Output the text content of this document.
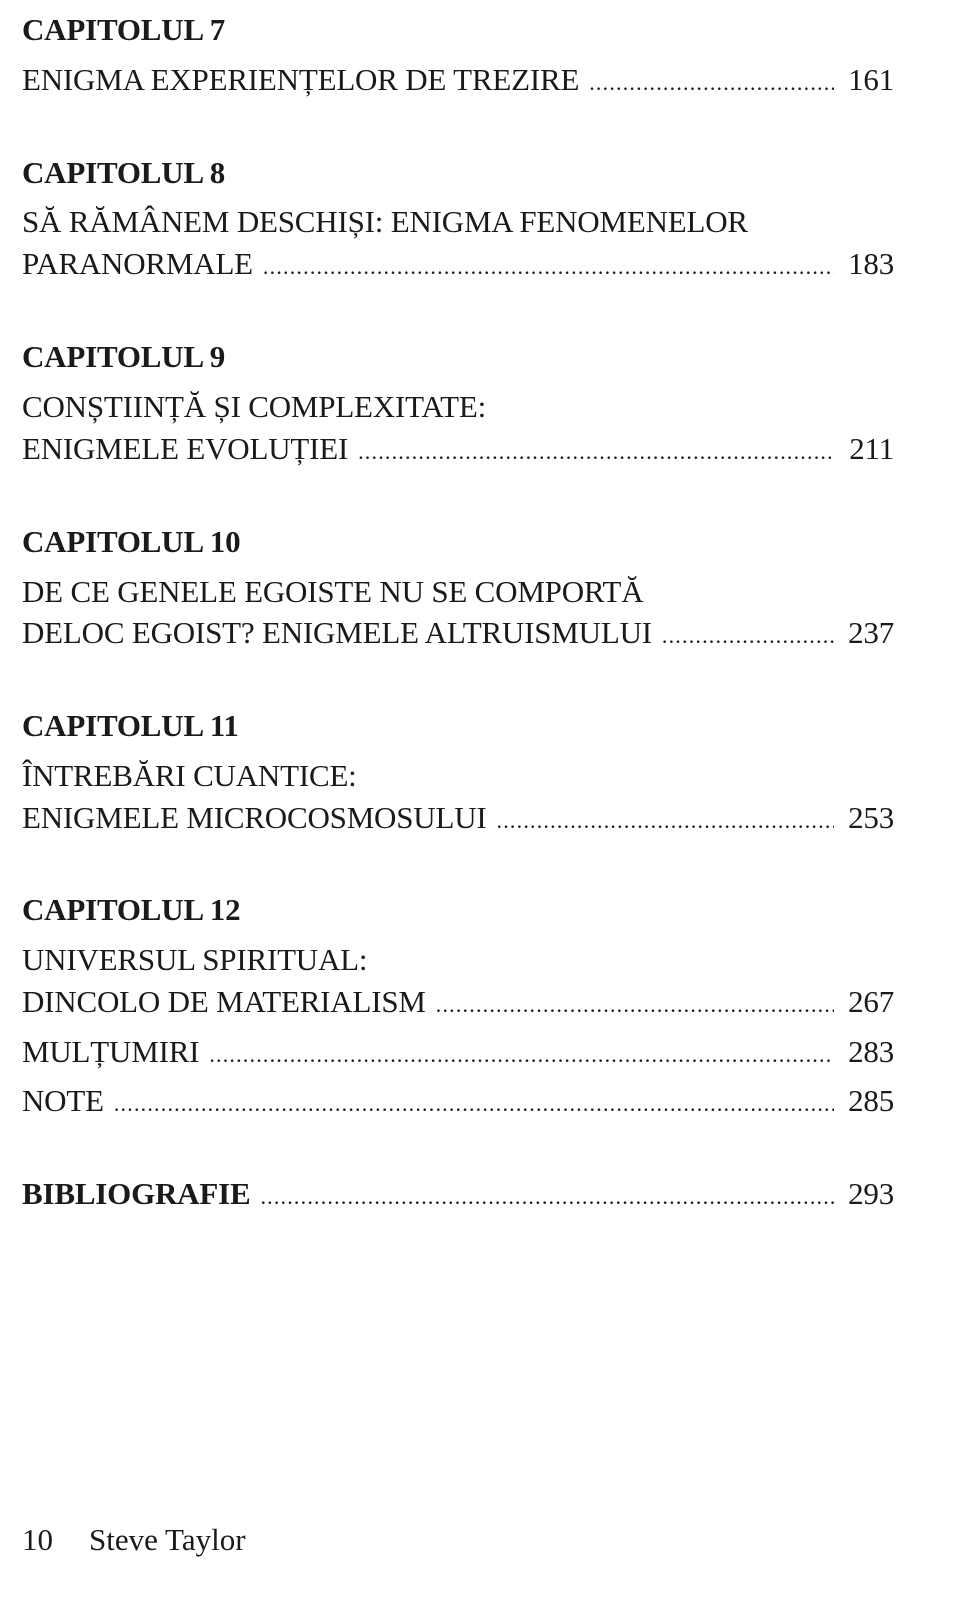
CAPITOLUL 7
ENIGMA EXPERIENȚELOR DE TREZIRE .....	161
CAPITOLUL 8
SĂ RĂMÂNEM DESCHIȘI: ENIGMA FENOMENELOR
PARANORMALE .....	183
CAPITOLUL 9
CONȘTIINȚĂ ȘI COMPLEXITATE:
ENIGMELE EVOLUȚIEI .....	211
CAPITOLUL 10
DE CE GENELE EGOISTE NU SE COMPORTĂ
DELOC EGOIST? ENIGMELE ALTRUISMULUI .....	237
CAPITOLUL 11
ÎNTREBĂRI CUANTICE:
ENIGMELE MICROCOSMOSULUI .....	253
CAPITOLUL 12
UNIVERSUL SPIRITUAL:
DINCOLO DE MATERIALISM .....	267
MULȚUMIRI .....	283
NOTE .....	285
BIBLIOGRAFIE .....	293
10 Steve Taylor
